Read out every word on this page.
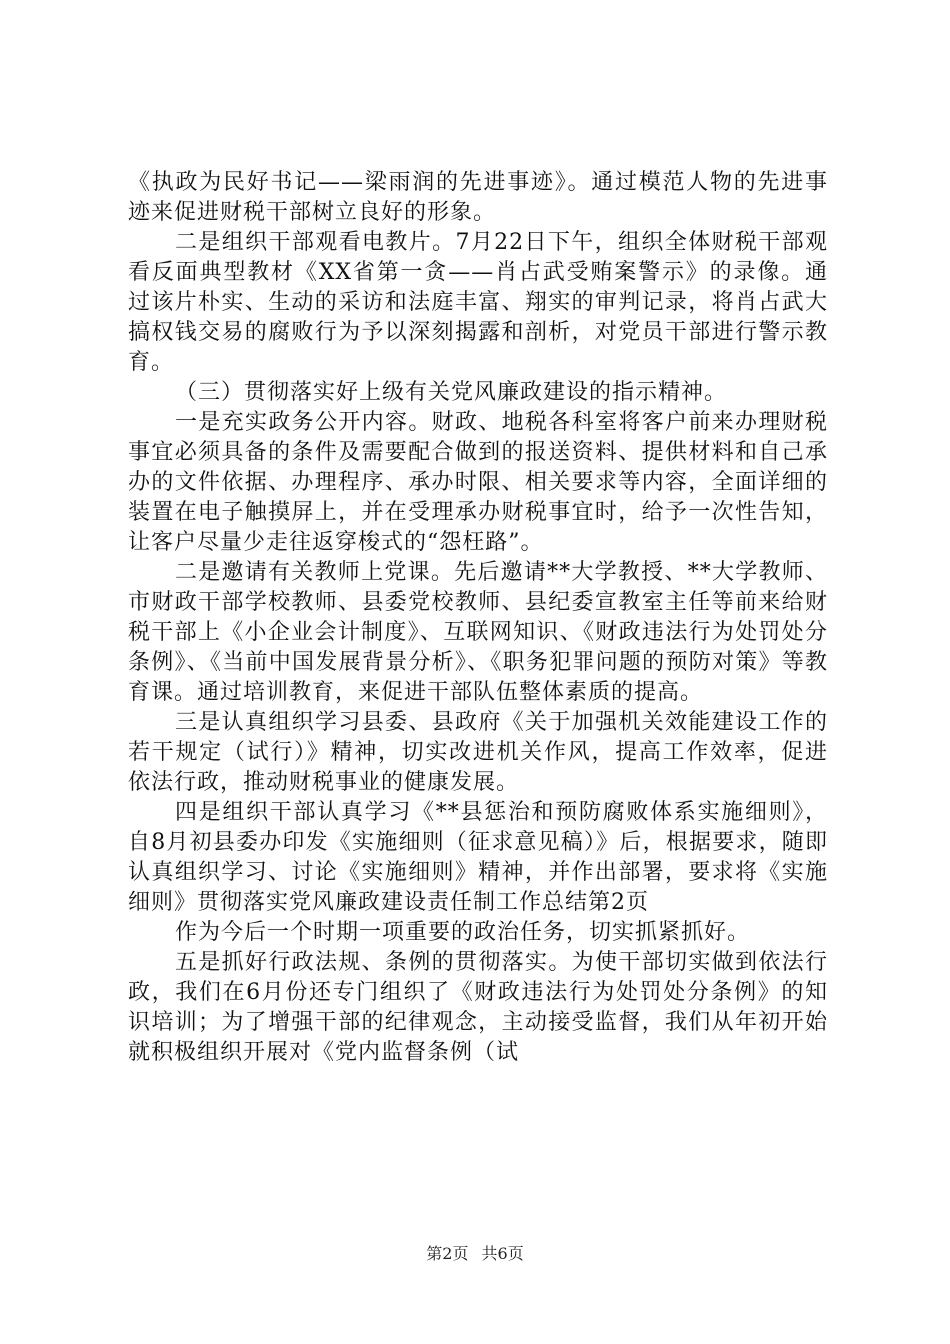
《执政为民好书记——梁雨润的先进事迹》。通过模范人物的先进事迹来促进财税干部树立良好的形象。

二是组织干部观看电教片。7月22日下午，组织全体财税干部观看反面典型教材《XX省第一贪——肖占武受贿案警示》的录像。通过该片朴实、生动的采访和法庭丰富、翔实的审判记录，将肖占武大搞权钱交易的腐败行为予以深刻揭露和剖析，对党员干部进行警示教育。

（三）贯彻落实好上级有关党风廉政建设的指示精神。

一是充实政务公开内容。财政、地税各科室将客户前来办理财税事宜必须具备的条件及需要配合做到的报送资料、提供材料和自己承办的文件依据、办理程序、承办时限、相关要求等内容，全面详细的装置在电子触摸屏上，并在受理承办财税事宜时，给予一次性告知，让客户尽量少走往返穿梭式的“怨枉路”。

二是邀请有关教师上党课。先后邀请**大学教授、**大学教师、市财政干部学校教师、县委党校教师、县纪委宣教室主任等前来给财税干部上《小企业会计制度》、互联网知识、《财政违法行为处罚处分条例》、《当前中国发展背景分析》、《职务犯罪问题的预防对策》等教育课。通过培训教育，来促进干部队伍整体素质的提高。

三是认真组织学习县委、县政府《关于加强机关效能建设工作的若干规定（试行）》精神，切实改进机关作风，提高工作效率，促进依法行政，推动财税事业的健康发展。

四是组织干部认真学习《**县惩治和预防腐败体系实施细则》，自8月初县委办印发《实施细则（征求意见稿）》后，根据要求，随即认真组织学习、讨论《实施细则》精神，并作出部署，要求将《实施细则》贯彻落实党风廉政建设责任制工作总结第2页

作为今后一个时期一项重要的政治任务，切实抓紧抓好。

五是抓好行政法规、条例的贯彻落实。为使干部切实做到依法行政，我们在6月份还专门组织了《财政违法行为处罚处分条例》的知识培训；为了增强干部的纪律观念，主动接受监督，我们从年初开始就积极组织开展对《党内监督条例（试

第2页 共6页
